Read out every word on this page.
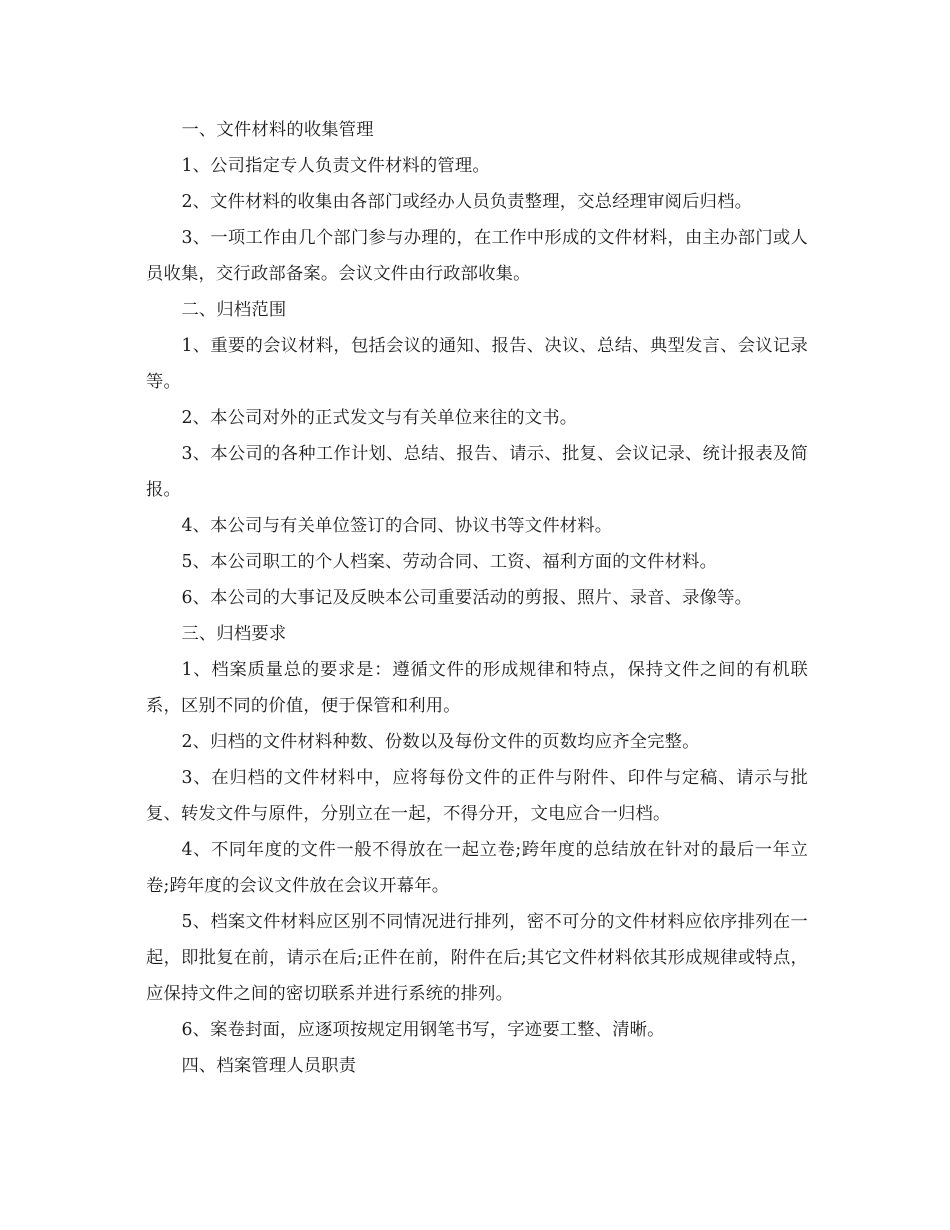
一、文件材料的收集管理

1、公司指定专人负责文件材料的管理。

2、文件材料的收集由各部门或经办人员负责整理，交总经理审阅后归档。

3、一项工作由几个部门参与办理的，在工作中形成的文件材料，由主办部门或人员收集，交行政部备案。会议文件由行政部收集。

二、归档范围

1、重要的会议材料，包括会议的通知、报告、决议、总结、典型发言、会议记录等。

2、本公司对外的正式发文与有关单位来往的文书。

3、本公司的各种工作计划、总结、报告、请示、批复、会议记录、统计报表及简报。

4、本公司与有关单位签订的合同、协议书等文件材料。

5、本公司职工的个人档案、劳动合同、工资、福利方面的文件材料。

6、本公司的大事记及反映本公司重要活动的剪报、照片、录音、录像等。

三、归档要求

1、档案质量总的要求是：遵循文件的形成规律和特点，保持文件之间的有机联系，区别不同的价值，便于保管和利用。

2、归档的文件材料种数、份数以及每份文件的页数均应齐全完整。

3、在归档的文件材料中，应将每份文件的正件与附件、印件与定稿、请示与批复、转发文件与原件，分别立在一起，不得分开，文电应合一归档。

4、不同年度的文件一般不得放在一起立卷;跨年度的总结放在针对的最后一年立卷;跨年度的会议文件放在会议开幕年。

5、档案文件材料应区别不同情况进行排列，密不可分的文件材料应依序排列在一起，即批复在前，请示在后;正件在前，附件在后;其它文件材料依其形成规律或特点，应保持文件之间的密切联系并进行系统的排列。

6、案卷封面，应逐项按规定用钢笔书写，字迹要工整、清晰。

四、档案管理人员职责
